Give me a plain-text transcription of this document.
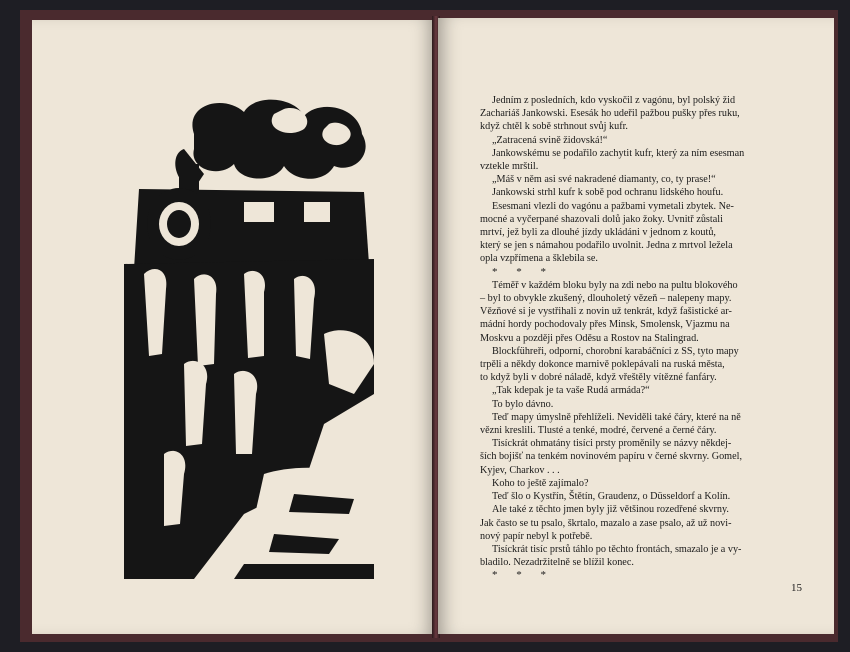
Jedním z posledních, kdo vyskočil z vagónu, byl polský žid

Zachariáš Jankowski. Esesák ho udeřil pažbou pušky přes ruku,

když chtěl k sobě strhnout svůj kufr.

„Zatracená svině židovská!“

Jankowskému se podařilo zachytit kufr, který za ním esesman

vztekle mrštil.

„Máš v něm asi své nakradené diamanty, co, ty prase!“

Jankowski strhl kufr k sobě pod ochranu lidského houfu.

Esesmani vlezli do vagónu a pažbami vymetali zbytek. Ne-

mocné a vyčerpané shazovali dolů jako žoky. Uvnitř zůstali

mrtví, jež byli za dlouhé jízdy ukládáni v jednom z koutů,

který se jen s námahou podařilo uvolnit. Jedna z mrtvol ležela

opla vzpřímena a šklebila se.

* * *

Téměř v každém bloku byly na zdi nebo na pultu blokového

– byl to obvykle zkušený, dlouholetý vězeň – nalepeny mapy.

Vězňové si je vystřihali z novin už tenkrát, když fašistické ar-

mádní hordy pochodovaly přes Minsk, Smolensk, Vjazmu na

Moskvu a později přes Oděsu a Rostov na Stalingrad.

Blockführeři, odporní, chorobní karabáčníci z SS, tyto mapy

trpěli a někdy dokonce marnivě poklepávali na ruská města,

to když byli v dobré náladě, když vřeštěly vítězné fanfáry.

„Tak kdepak je ta vaše Rudá armáda?“

To bylo dávno.

Teď mapy úmyslně přehlíželi. Neviděli také čáry, které na ně

vězni kreslili. Tlusté a tenké, modré, červené a černé čáry.

Tisíckrát ohmatány tisíci prsty proměnily se názvy někdej-

ších bojišť na tenkém novinovém papíru v černé skvrny. Gomel,

Kyjev, Charkov . . .

Koho to ještě zajímalo?

Teď šlo o Kystřín, Štětín, Graudenz, o Düsseldorf a Kolín.

Ale také z těchto jmen byly již většinou rozedřené skvrny.

Jak často se tu psalo, škrtalo, mazalo a zase psalo, až už novi-

nový papír nebyl k potřebě.

Tisíckrát tisíc prstů táhlo po těchto frontách, smazalo je a vy-

bladilo. Nezadržitelně se blížil konec.

* * *

15
